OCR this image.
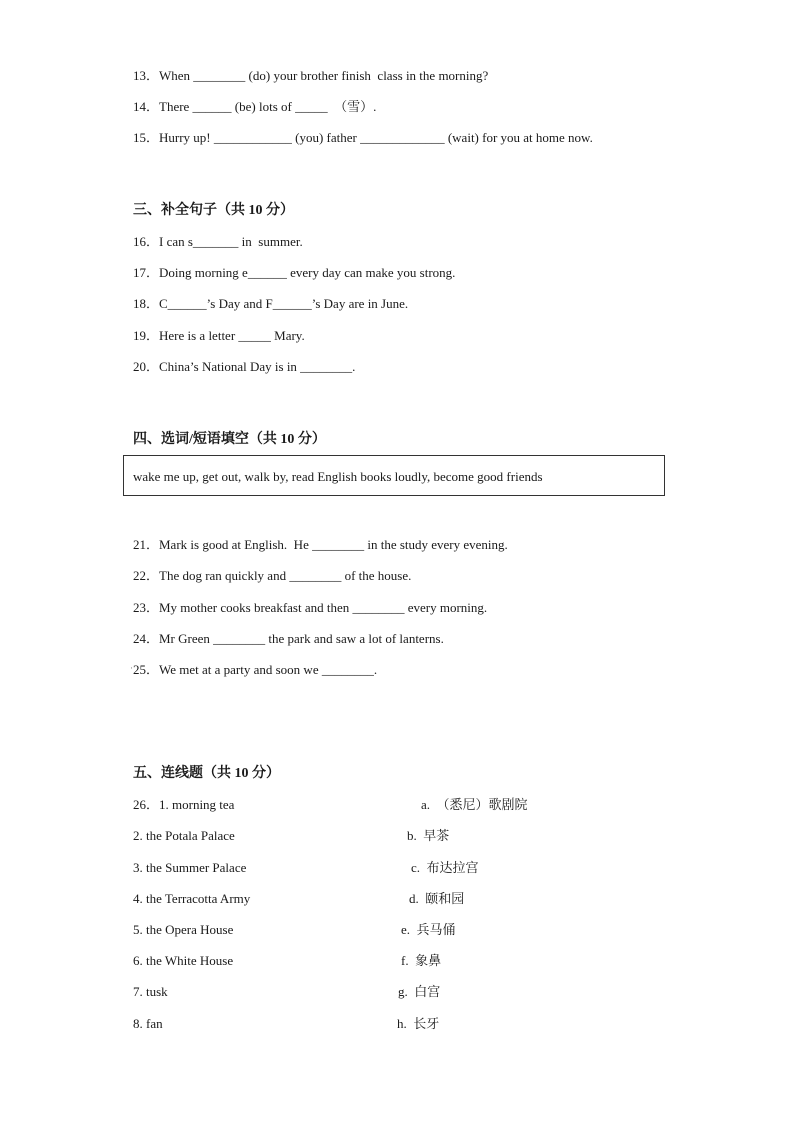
13．When ________ (do) your brother finish  class in the morning?
14．There ______ (be) lots of _____  （雪）.
15．Hurry up! ____________ (you) father _____________ (wait) for you at home now.
三、补全句子（共 10 分）
16．I can s_______ in  summer.
17．Doing morning e______ every day can make you strong.
18．C______’s Day and F______’s Day are in June.
19．Here is a letter _____ Mary.
20．China’s National Day is in ________.
四、选词/短语填空（共 10 分）
wake me up, get out, walk by, read English books loudly, become good friends
21．Mark is good at English.  He ________ in the study every evening.
22．The dog ran quickly and ________ of the house.
23．My mother cooks breakfast and then ________ every morning.
24．Mr Green ________ the park and saw a lot of lanterns.
· 25．We met at a party and soon we ________.
五、连线题（共 10 分）
26．1. morning tea
2. the Potala Palace
3. the Summer Palace
4. the Terracotta Army
5. the Opera House
6. the White House
7. tusk
8. fan
a.  （悉尼）歌剧院
b.  早茶
c.  布达拉宫
d.  颐和园
e.  兵马俑
f.  象鼻
g.  白宫
h.  长牙
